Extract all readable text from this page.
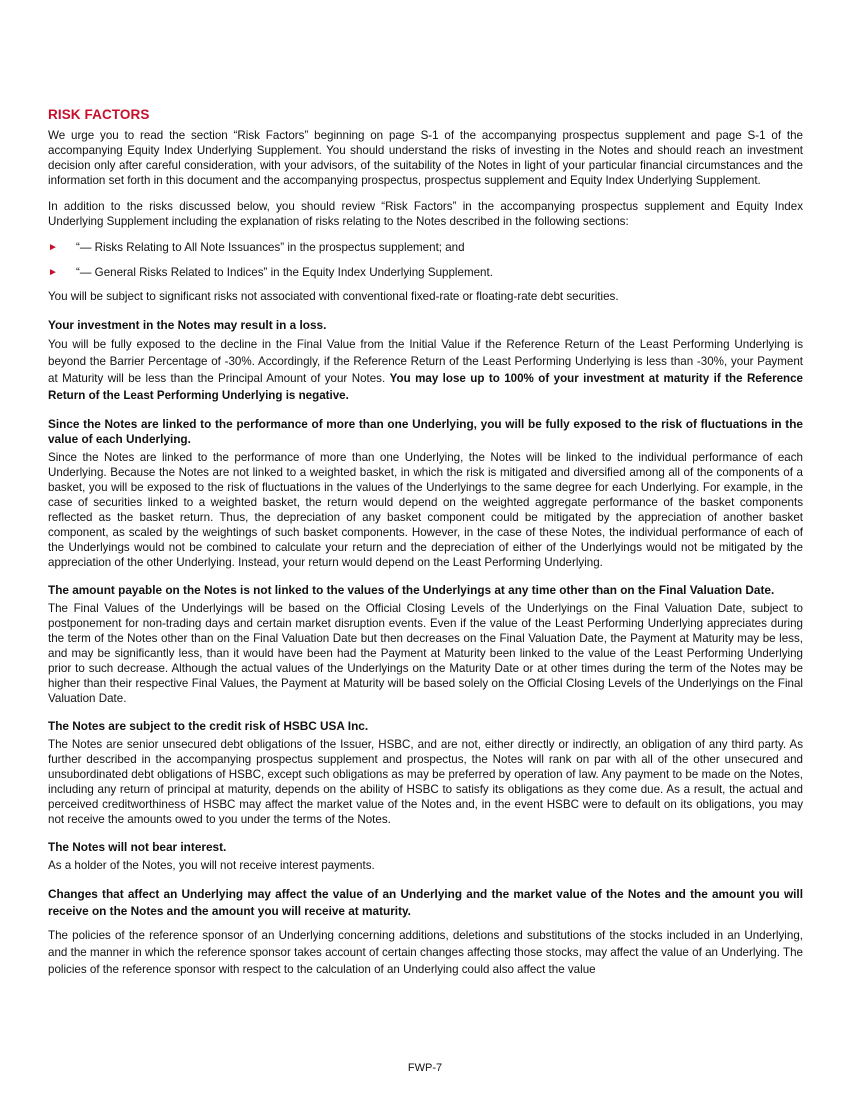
RISK FACTORS

We urge you to read the section “Risk Factors” beginning on page S-1 of the accompanying prospectus supplement and page S-1 of the accompanying Equity Index Underlying Supplement. You should understand the risks of investing in the Notes and should reach an investment decision only after careful consideration, with your advisors, of the suitability of the Notes in light of your particular financial circumstances and the information set forth in this document and the accompanying prospectus, prospectus supplement and Equity Index Underlying Supplement.

In addition to the risks discussed below, you should review “Risk Factors” in the accompanying prospectus supplement and Equity Index Underlying Supplement including the explanation of risks relating to the Notes described in the following sections:

►	“— Risks Relating to All Note Issuances” in the prospectus supplement; and
►	“— General Risks Related to Indices” in the Equity Index Underlying Supplement.

You will be subject to significant risks not associated with conventional fixed-rate or floating-rate debt securities.

Your investment in the Notes may result in a loss.

You will be fully exposed to the decline in the Final Value from the Initial Value if the Reference Return of the Least Performing Underlying is beyond the Barrier Percentage of -30%. Accordingly, if the Reference Return of the Least Performing Underlying is less than -30%, your Payment at Maturity will be less than the Principal Amount of your Notes. You may lose up to 100% of your investment at maturity if the Reference Return of the Least Performing Underlying is negative.

Since the Notes are linked to the performance of more than one Underlying, you will be fully exposed to the risk of fluctuations in the value of each Underlying.

Since the Notes are linked to the performance of more than one Underlying, the Notes will be linked to the individual performance of each Underlying. Because the Notes are not linked to a weighted basket, in which the risk is mitigated and diversified among all of the components of a basket, you will be exposed to the risk of fluctuations in the values of the Underlyings to the same degree for each Underlying. For example, in the case of securities linked to a weighted basket, the return would depend on the weighted aggregate performance of the basket components reflected as the basket return. Thus, the depreciation of any basket component could be mitigated by the appreciation of another basket component, as scaled by the weightings of such basket components. However, in the case of these Notes, the individual performance of each of the Underlyings would not be combined to calculate your return and the depreciation of either of the Underlyings would not be mitigated by the appreciation of the other Underlying. Instead, your return would depend on the Least Performing Underlying.

The amount payable on the Notes is not linked to the values of the Underlyings at any time other than on the Final Valuation Date.

The Final Values of the Underlyings will be based on the Official Closing Levels of the Underlyings on the Final Valuation Date, subject to postponement for non-trading days and certain market disruption events. Even if the value of the Least Performing Underlying appreciates during the term of the Notes other than on the Final Valuation Date but then decreases on the Final Valuation Date, the Payment at Maturity may be less, and may be significantly less, than it would have been had the Payment at Maturity been linked to the value of the Least Performing Underlying prior to such decrease. Although the actual values of the Underlyings on the Maturity Date or at other times during the term of the Notes may be higher than their respective Final Values, the Payment at Maturity will be based solely on the Official Closing Levels of the Underlyings on the Final Valuation Date.

The Notes are subject to the credit risk of HSBC USA Inc.

The Notes are senior unsecured debt obligations of the Issuer, HSBC, and are not, either directly or indirectly, an obligation of any third party. As further described in the accompanying prospectus supplement and prospectus, the Notes will rank on par with all of the other unsecured and unsubordinated debt obligations of HSBC, except such obligations as may be preferred by operation of law. Any payment to be made on the Notes, including any return of principal at maturity, depends on the ability of HSBC to satisfy its obligations as they come due. As a result, the actual and perceived creditworthiness of HSBC may affect the market value of the Notes and, in the event HSBC were to default on its obligations, you may not receive the amounts owed to you under the terms of the Notes.

The Notes will not bear interest.

As a holder of the Notes, you will not receive interest payments.

Changes that affect an Underlying may affect the value of an Underlying and the market value of the Notes and the amount you will receive on the Notes and the amount you will receive at maturity.

The policies of the reference sponsor of an Underlying concerning additions, deletions and substitutions of the stocks included in an Underlying, and the manner in which the reference sponsor takes account of certain changes affecting those stocks, may affect the value of an Underlying. The policies of the reference sponsor with respect to the calculation of an Underlying could also affect the value

FWP-7
